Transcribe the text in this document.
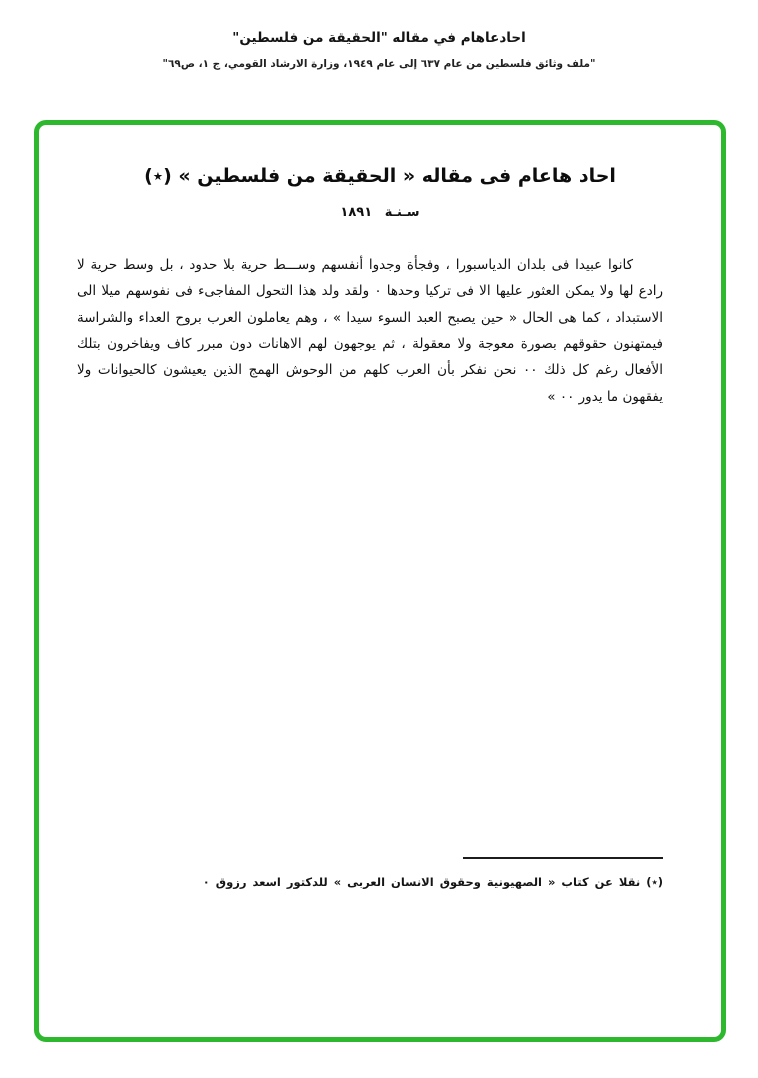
احادعاهام في مقاله "الحقيقة من فلسطين"
"ملف وثائق فلسطين من عام ٦٣٧ إلى عام ١٩٤٩، وزارة الارشاد القومي، ج ١، ص٦٩"
احاد هاعام فى مقاله « الحقيقة من فلسطين » (٭)
سـنـة ١٨٩١

كانوا عبيدا فى بلدان الدياسبورا ، وفجأة وجدوا أنفسهم وســـط حرية بلا حدود ، بل وسط حرية لا رادع لها ولا يمكن العثور عليها الا فى تركيا وحدها ٠ ولقد ولد هذا التحول المفاجىء فى نفوسهم ميلا الى الاستبداد ، كما هى الحال « حين يصبح العبد السوء سيدا » ، وهم يعاملون العرب بروح العداء والشراسة فيمتهنون حقوقهم بصورة معوجة ولا معقولة ، ثم يوجهون لهم الاهانات دون مبرر كاف ويفاخرون بتلك الأفعال رغم كل ذلك ٠٠ نحن نفكر بأن العرب كلهم من الوحوش الهمج الذين يعيشون كالحيوانات ولا يفقهون ما يدور ٠٠ »

(٭) نقلا عن كتاب « الصهيونية وحقوق الانسان العربى » للدكتور اسعد رزوق ٠
